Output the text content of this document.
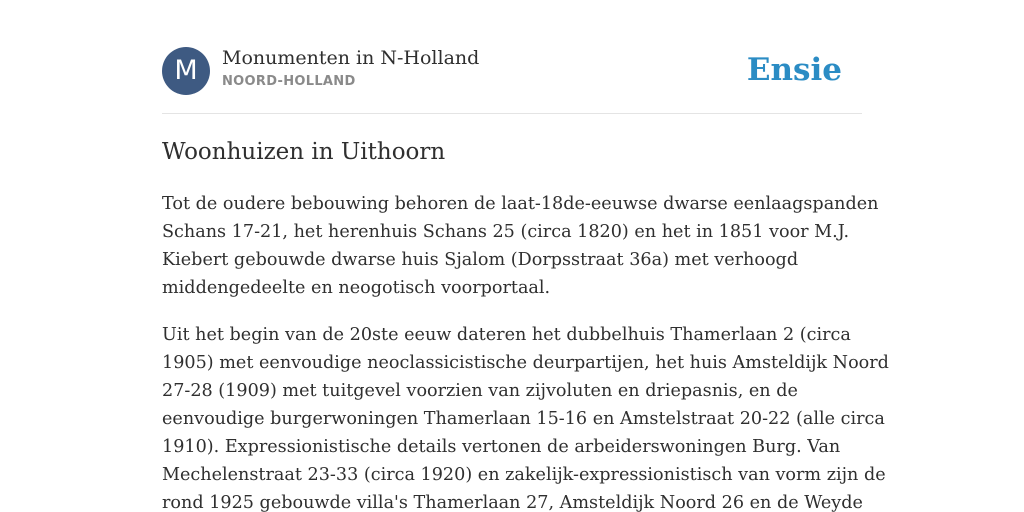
M	Monumenten in N-Holland
NOORD-HOLLAND	Ensie
Woonhuizen in Uithoorn

Tot de oudere bebouwing behoren de laat-18de-eeuwse dwarse eenlaagspanden
Schans 17-21, het herenhuis Schans 25 (circa 1820) en het in 1851 voor M.J.
Kiebert gebouwde dwarse huis Sjalom (Dorpsstraat 36a) met verhoogd
middengedeelte en neogotisch voorportaal.

Uit het begin van de 20ste eeuw dateren het dubbelhuis Thamerlaan 2 (circa
1905) met eenvoudige neoclassicistische deurpartijen, het huis Amsteldijk Noord
27-28 (1909) met tuitgevel voorzien van zijvoluten en driepasnis, en de
eenvoudige burgerwoningen Thamerlaan 15-16 en Amstelstraat 20-22 (alle circa
1910). Expressionistische details vertonen de arbeiderswoningen Burg. Van
Mechelenstraat 23-33 (circa 1920) en zakelijk-expressionistisch van vorm zijn de
rond 1925 gebouwde villa's Thamerlaan 27, Amsteldijk Noord 26 en de Weyde
